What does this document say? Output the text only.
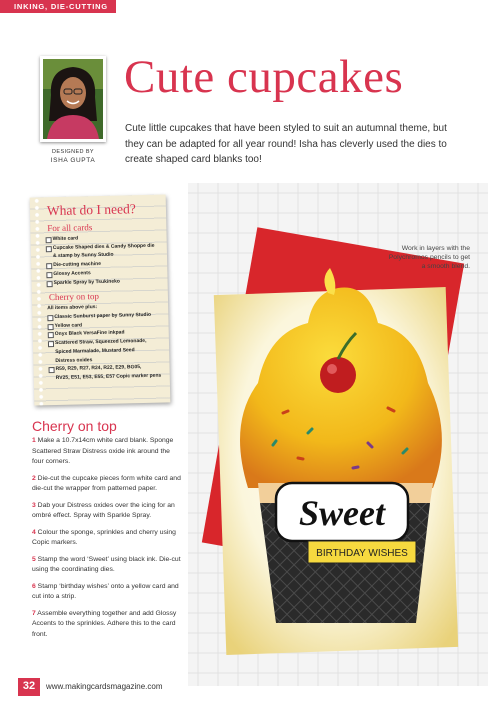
INKING, DIE-CUTTING
DESIGNED BY
ISHA GUPTA
Cute cupcakes
Cute little cupcakes that have been styled to suit an autumnal theme, but they can be adapted for all year round! Isha has cleverly used the dies to create shaped card blanks too!
What do I need?
For all cards
White card
Cupcake Shaped dies & Candy Shoppe die
& stamp by Sunny Studio
Die-cutting machine
Glossy Accents
Sparkle Spray by Tsukineko
Cherry on top
All items above plus:
Classic Sunburst paper by Sunny Studio
Yellow card
Onyx Black VersaFine inkpad
Scattered Straw, Squeezed Lemonade,
Spiced Marmalade, Mustard Seed
Distress oxides
R59, R29, R27, R24, R22, E29, BG05,
RV25, E51, E53, E55, E57 Copic marker pens
Cherry on top

1 Make a 10.7x14cm white card blank. Sponge Scattered Straw Distress oxide ink around the four corners.

2 Die-cut the cupcake pieces form white card and die-cut the wrapper from patterned paper.

3 Dab your Distress oxides over the icing for an ombré effect. Spray with Sparkle Spray.

4 Colour the sponge, sprinkles and cherry using Copic markers.

5 Stamp the word ‘Sweet’ using black ink. Die-cut using the coordinating dies.

6 Stamp ‘birthday wishes’ onto a yellow card and cut into a strip.

7 Assemble everything together and add Glossy Accents to the sprinkles. Adhere this to the card front.

Sweet
BIRTHDAY WISHES
Work in layers with the Polychromos pencils to get a smooth blend.
32	www.makingcardsmagazine.com
